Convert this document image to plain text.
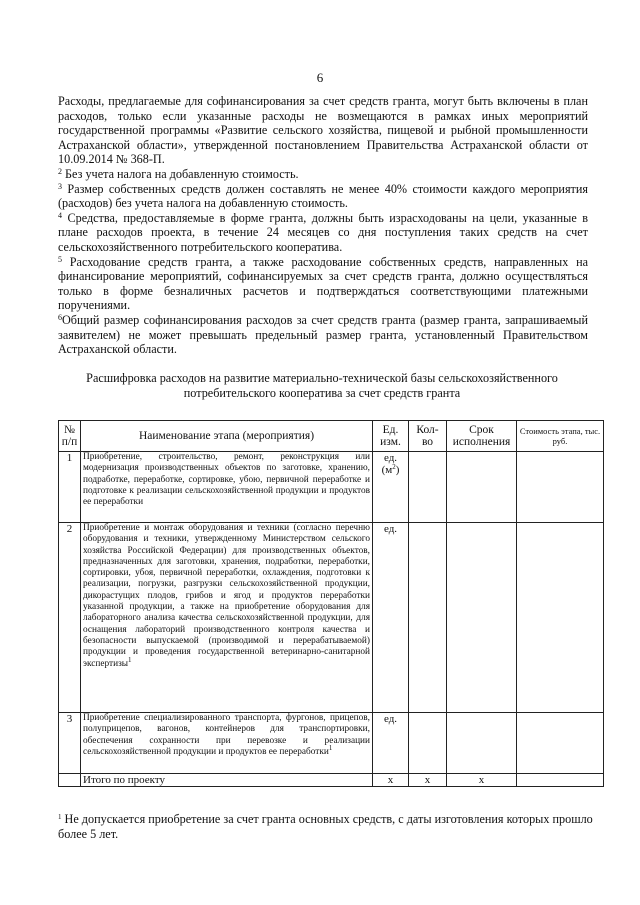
6

Расходы, предлагаемые для софинансирования за счет средств гранта, могут быть включены в план расходов, только если указанные расходы не возмещаются в рамках иных мероприятий государственной программы «Развитие сельского хозяйства, пищевой и рыбной промышленности Астраханской области», утвержденной постановлением Правительства Астраханской области от 10.09.2014 № 368-П.

$^2$ Без учета налога на добавленную стоимость.

$^3$ Размер собственных средств должен составлять не менее 40% стоимости каждого мероприятия (расходов) без учета налога на добавленную стоимость.

$^4$ Средства, предоставляемые в форме гранта, должны быть израсходованы на цели, указанные в плане расходов проекта, в течение 24 месяцев со дня поступления таких средств на счет сельскохозяйственного потребительского кооператива.

$^5$ Расходование средств гранта, а также расходование собственных средств, направленных на финансирование мероприятий, софинансируемых за счет средств гранта, должно осуществляться только в форме безналичных расчетов и подтверждаться соответствующими платежными поручениями.

$^6$Общий размер софинансирования расходов за счет средств гранта (размер гранта, запрашиваемый заявителем) не может превышать предельный размер гранта, установленный Правительством Астраханской области.

Расшифровка расходов на развитие материально-технической базы сельскохозяйственного потребительского кооператива за счет средств гранта
№ п/п	Наименование этапа (мероприятия)	Ед. изм.	Кол-во	Срок исполнения	Стоимость этапа, тыс. руб.
1	Приобретение, строительство, ремонт, реконструкция или модернизация производственных объектов по заготовке, хранению, подработке, переработке, сортировке, убою, первичной переработке и подготовке к реализации сельскохозяйственной продукции и продуктов ее переработки	ед. $(м^2)$			
2	Приобретение и монтаж оборудования и техники (согласно перечню оборудования и техники, утвержденному Министерством сельского хозяйства Российской Федерации) для производственных объектов, предназначенных для заготовки, хранения, подработки, переработки, сортировки, убоя, первичной переработки, охлаждения, подготовки к реализации, погрузки, разгрузки сельскохозяйственной продукции, дикорастущих плодов, грибов и ягод и продуктов переработки указанной продукции, а также на приобретение оборудования для лабораторного анализа качества сельскохозяйственной продукции, для оснащения лабораторий производственного контроля качества и безопасности выпускаемой (производимой и перерабатываемой) продукции и проведения государственной ветеринарно-санитарной экспертизы$^1$	ед.			
3	Приобретение специализированного транспорта, фургонов, прицепов, полуприцепов, вагонов, контейнеров для транспортировки, обеспечения сохранности при перевозке и реализации сельскохозяйственной продукции и продуктов ее переработки$^1$	ед.			
	Итого по проекту	х	х	х	
$^1$ Не допускается приобретение за счет гранта основных средств, с даты изготовления которых прошло более 5 лет.
